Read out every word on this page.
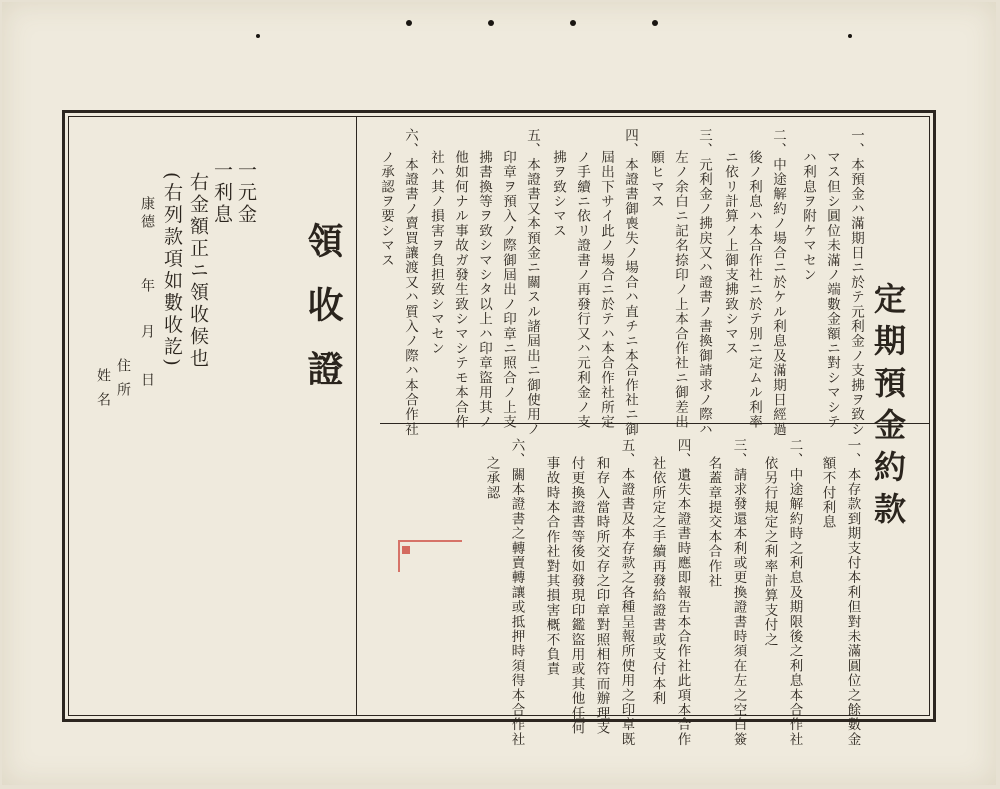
領收證
一元金
一利息
右金額正ニ領收候也
(右列款項如數收訖)
康德
年
月
日
住所
姓名	定期預金約款
一、本預金ハ滿期日ニ於テ元利金ノ支拂ヲ致シ
マス但シ圓位未滿ノ端數金額ニ對シマシテ
ハ利息ヲ附ケマセン
二、中途解約ノ場合ニ於ケル利息及滿期日經過
後ノ利息ハ本合作社ニ於テ別ニ定ムル利率
ニ依リ計算ノ上御支拂致シマス
三、元利金ノ拂戻又ハ證書ノ書換御請求ノ際ハ
左ノ余白ニ記名捺印ノ上本合作社ニ御差出
願ヒマス
四、本證書御喪失ノ場合ハ直チニ本合作社ニ御
屆出下サイ此ノ場合ニ於テハ本合作社所定
ノ手續ニ依リ證書ノ再發行又ハ元利金ノ支
拂ヲ致シマス
五、本證書又本預金ニ關スル諸屆出ニ御使用ノ
印章ヲ預入ノ際御屆出ノ印章ニ照合ノ上支
拂書換等ヲ致シマシタ以上ハ印章盜用其ノ
他如何ナル事故ガ發生致シマシテモ本合作
社ハ其ノ損害ヲ負担致シマセン
六、本證書ノ賣買讓渡又ハ質入ノ際ハ本合作社
ノ承認ヲ要シマス
一、本存款到期支付本利但對未滿圓位之餘數金
額不付利息
二、中途解約時之利息及期限後之利息本合作社
依另行規定之利率計算支付之
三、請求發還本利或更換證書時須在左之空白簽
名蓋章提交本合作社
四、遺失本證書時應即報告本合作社此項本合作
社依所定之手續再發給證書或支付本利
五、本證書及本存款之各種呈報所使用之印章既
和存入當時所交存之印章對照相符而辦理支
付更換證書等後如發現印鑑盜用或其他任何
事故時本合作社對其損害概不負責
六、關本證書之轉賣轉讓或抵押時須得本合作社
之承認
